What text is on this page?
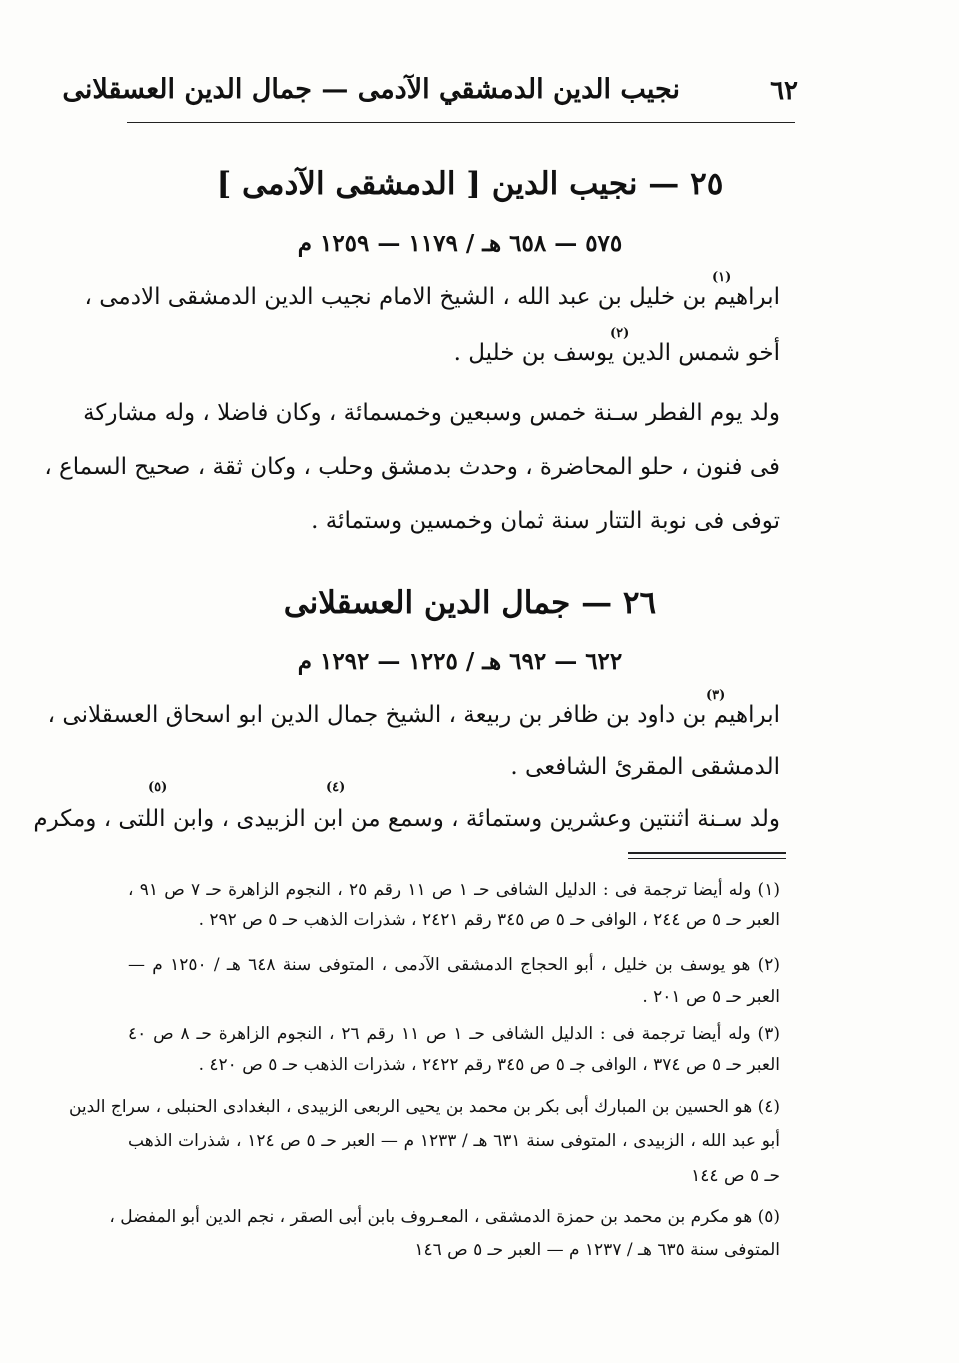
نجيب الدين الدمشقي الآدمى — جمال الدين العسقلانى	٦٢
٢٥ — نجيب الدين [ الدمشقى الآدمى ]
٥٧٥ — ٦٥٨ هـ / ١١٧٩ — ١٢٥٩ م
ابراهيم بن خليل بن عبد الله ، الشيخ الامام نجيب الدين الدمشقى الادمى ،
(١)
أخو شمس الدين يوسف بن خليل .
(٢)
ولد يوم الفطر سـنة خمس وسبعين وخمسمائة ، وكان فاضلا ، وله مشاركة
فى فنون ، حلو المحاضرة ، وحدث بدمشق وحلب ، وكان ثقة ، صحيح السماع ،
توفى فى نوبة التتار سنة ثمان وخمسين وستمائة .
٢٦ — جمال الدين العسقلانى
٦٢٢ — ٦٩٢ هـ / ١٢٢٥ — ١٢٩٢ م
ابراهيم بن داود بن ظافر بن ربيعة ، الشيخ جمال الدين ابو اسحاق العسقلانى ،
(٣)
الدمشقى المقرئ الشافعى .
ولد سـنة اثنتين وعشرين وستمائة ، وسمع من ابن الزبيدى ، وابن اللتى ، ومكرم
(٤)
(٥)
(١) وله أيضا ترجمة فى : الدليل الشافى حـ ١ ص ١١ رقم ٢٥ ، النجوم الزاهرة حـ ٧ ص ٩١ ،
العبر حـ ٥ ص ٢٤٤ ، الوافى حـ ٥ ص ٣٤٥ رقم ٢٤٢١ ، شذرات الذهب حـ ٥ ص ٢٩٢ .
(٢) هو يوسف بن خليل ، أبو الحجاج الدمشقى الآدمى ، المتوفى سنة ٦٤٨ هـ / ١٢٥٠ م —
العبر حـ ٥ ص ٢٠١ .
(٣) وله أيضا ترجمة فى : الدليل الشافى حـ ١ ص ١١ رقم ٢٦ ، النجوم الزاهرة حـ ٨ ص ٤٠
العبر حـ ٥ ص ٣٧٤ ، الوافى جـ ٥ ص ٣٤٥ رقم ٢٤٢٢ ، شذرات الذهب حـ ٥ ص ٤٢٠ .
(٤) هو الحسين بن المبارك أبى بكر بن محمد بن يحيى الربعى الزبيدى ، البغدادى الحنبلى ، سراج الدين
أبو عبد الله ، الزبيدى ، المتوفى سنة ٦٣١ هـ / ١٢٣٣ م — العبر حـ ٥ ص ١٢٤ ، شذرات الذهب
حـ ٥ ص ١٤٤
(٥) هو مكرم بن محمد بن حمزة الدمشقى ، المعـروف بابن أبى الصقر ، نجم الدين أبو المفضل ،
المتوفى سنة ٦٣٥ هـ / ١٢٣٧ م — العبر حـ ٥ ص ١٤٦
